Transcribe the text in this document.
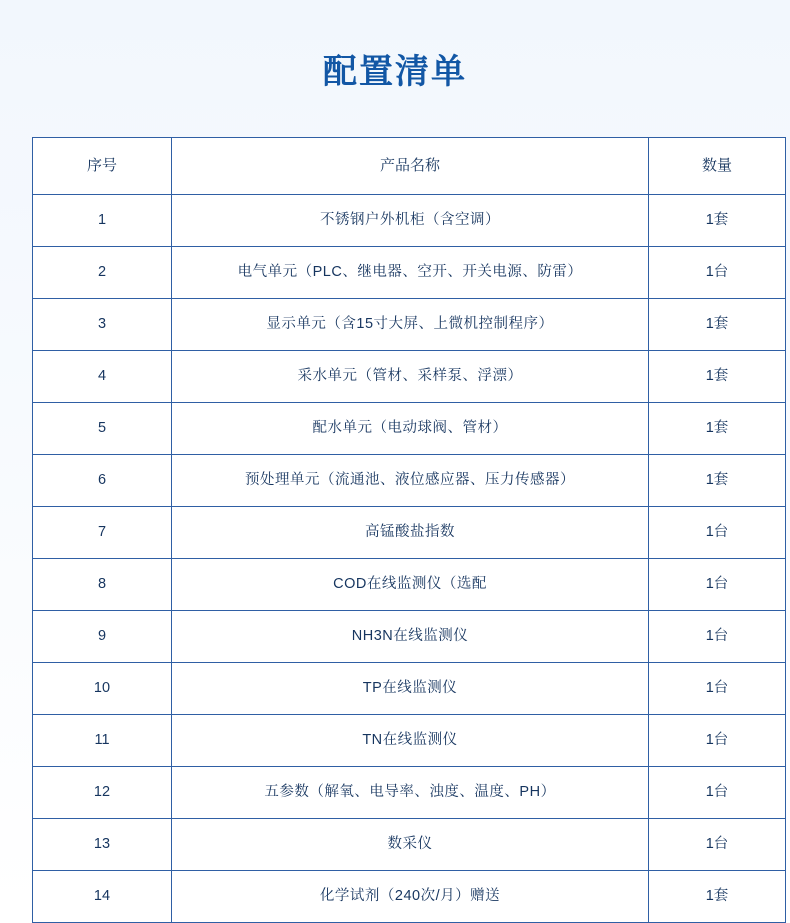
配置清单
序号	产品名称	数量
1	不锈钢户外机柜（含空调）	1套
2	电气单元（PLC、继电器、空开、开关电源、防雷）	1台
3	显示单元（含15寸大屏、上微机控制程序）	1套
4	采水单元（管材、采样泵、浮漂）	1套
5	配水单元（电动球阀、管材）	1套
6	预处理单元（流通池、液位感应器、压力传感器）	1套
7	高锰酸盐指数	1台
8	COD在线监测仪（选配	1台
9	NH3N在线监测仪	1台
10	TP在线监测仪	1台
11	TN在线监测仪	1台
12	五参数（解氧、电导率、浊度、温度、PH）	1台
13	数采仪	1台
14	化学试剂（240次/月）赠送	1套
